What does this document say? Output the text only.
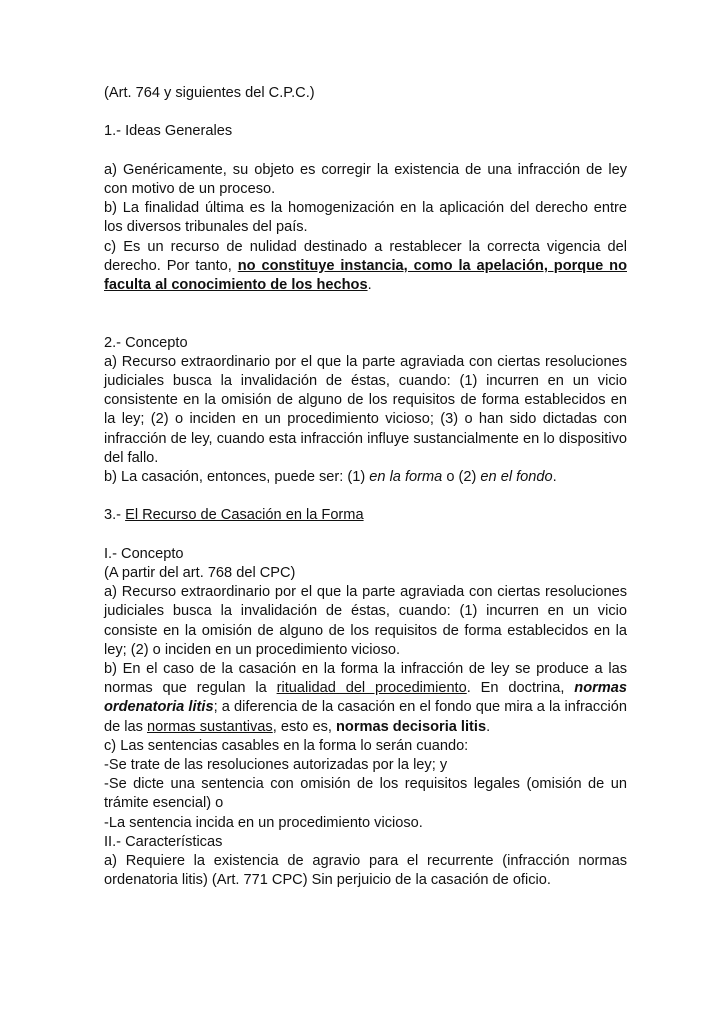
(Art. 764 y siguientes del C.P.C.)
1.- Ideas Generales
a) Genéricamente, su objeto es corregir la existencia de una infracción de ley con motivo de un proceso.
b) La finalidad última es la homogenización en la aplicación del derecho entre los diversos tribunales del país.
c) Es un recurso de nulidad destinado a restablecer la correcta vigencia del derecho. Por tanto, no constituye instancia, como la apelación, porque no faculta al conocimiento de los hechos.
2.- Concepto
a) Recurso extraordinario por el que la parte agraviada con ciertas resoluciones judiciales busca la invalidación de éstas, cuando: (1) incurren en un vicio consistente en la omisión de alguno de los requisitos de forma establecidos en la ley; (2) o inciden en un procedimiento vicioso; (3) o han sido dictadas con infracción de ley, cuando esta infracción influye sustancialmente en lo dispositivo del fallo.
b) La casación, entonces, puede ser: (1) en la forma o (2) en el fondo.
3.- El Recurso de Casación en la Forma
I.- Concepto
(A partir del art. 768 del CPC)
a) Recurso extraordinario por el que la parte agraviada con ciertas resoluciones judiciales busca la invalidación de éstas, cuando: (1) incurren en un vicio consiste en la omisión de alguno de los requisitos de forma establecidos en la ley; (2) o inciden en un procedimiento vicioso.
b) En el caso de la casación en la forma la infracción de ley se produce a las normas que regulan la ritualidad del procedimiento. En doctrina, normas ordenatoria litis; a diferencia de la casación en el fondo que mira a la infracción de las normas sustantivas, esto es, normas decisoria litis.
c) Las sentencias casables en la forma lo serán cuando:
-Se trate de las resoluciones autorizadas por la ley; y
-Se dicte una sentencia con omisión de los requisitos legales (omisión de un trámite esencial) o
-La sentencia incida en un procedimiento vicioso.
II.- Características
a) Requiere la existencia de agravio para el recurrente (infracción normas ordenatoria litis) (Art. 771 CPC) Sin perjuicio de la casación de oficio.
